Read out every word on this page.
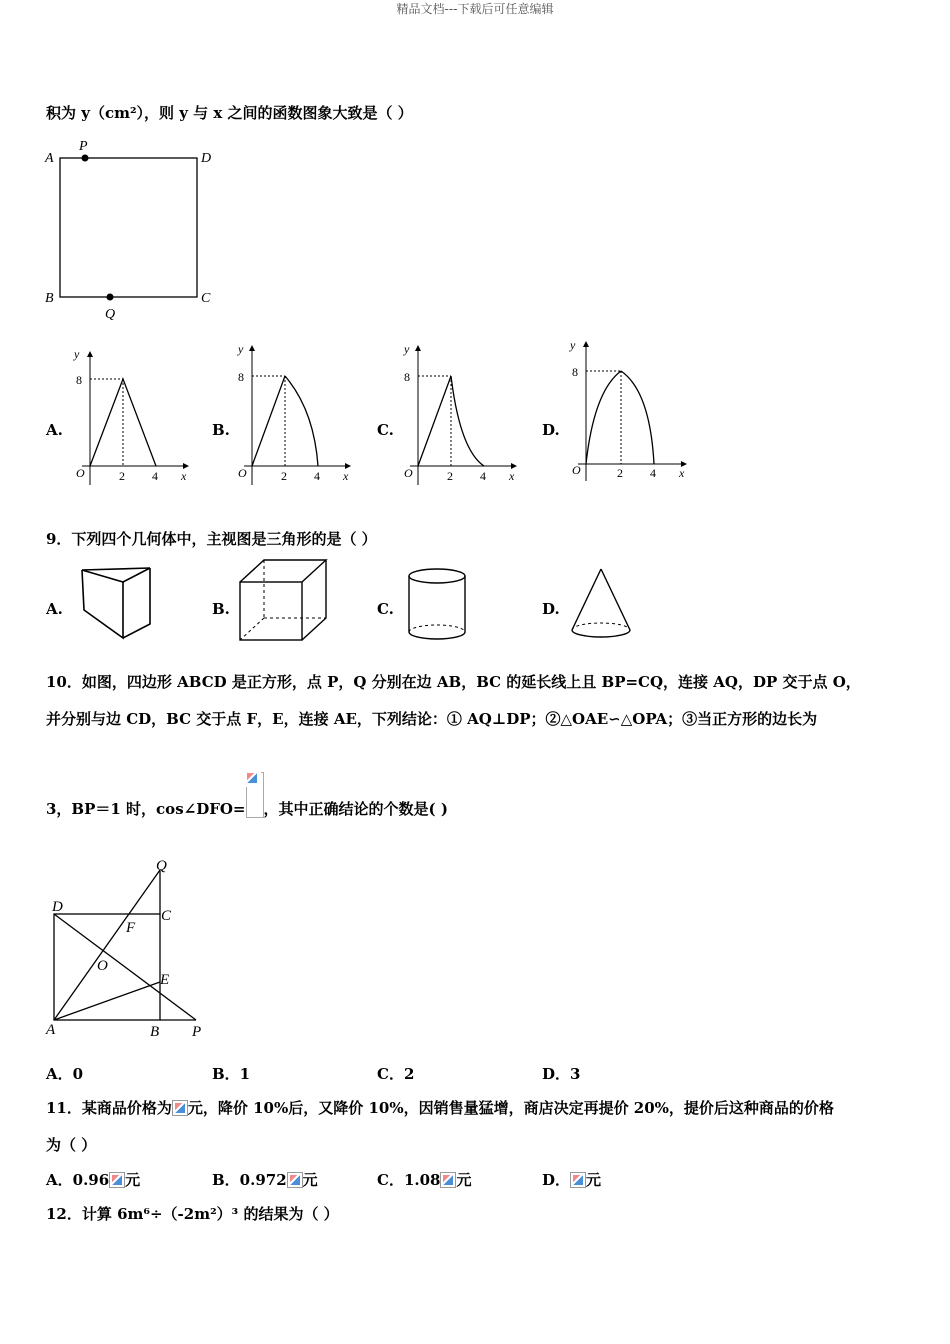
精品文档---下载后可任意编辑
积为 y（cm²），则 y 与 x 之间的函数图象大致是（ ）
A
P
D
B
Q
C
A.	B.	C.	D.
y
8
O	2 4 x
y
8
O	2 4 x
y
8
O	2 4 x
y
8
O	2 4 x
9．下列四个几何体中，主视图是三角形的是（ ）
A.	B.	C.	D.
10．如图，四边形 ABCD 是正方形，点 P，Q 分别在边 AB，BC 的延长线上且 BP=CQ，连接 AQ，DP 交于点 O，
并分别与边 CD，BC 交于点 F，E，连接 AE，下列结论：① AQ⊥DP；②△OAE∽△OPA；③当正方形的边长为
3，BP＝1 时，cos∠DFO= ，其中正确结论的个数是( )
Q
D
C
F
O
E
A	B P
A．0	B．1	C．2	D．3
11．某商品价格为 元，降价 10%后，又降价 10%，因销售量猛增，商店决定再提价 20%，提价后这种商品的价格
为（ ）
A．0.96 元	B．0.972 元	C．1.08 元	D． 元
12．计算 6m⁶÷（-2m²）³ 的结果为（ ）
